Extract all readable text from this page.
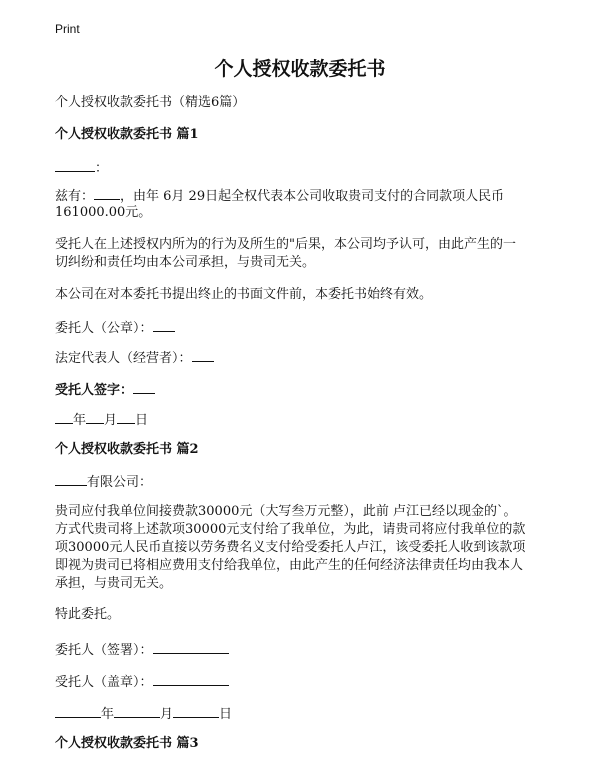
Print
个人授权收款委托书
个人授权收款委托书（精选6篇）
个人授权收款委托书 篇1
：
兹有： ，由年 6月 29日起全权代表本公司收取贵司支付的合同款项人民币
161000.00元。
受托人在上述授权内所为的行为及所生的"后果，本公司均予认可，由此产生的一
切纠纷和责任均由本公司承担，与贵司无关。
本公司在对本委托书提出终止的书面文件前，本委托书始终有效。
委托人（公章）：
法定代表人（经营者）：
受托人签字：
年 月 日
个人授权收款委托书 篇2
有限公司：
贵司应付我单位间接费款30000元（大写叁万元整），此前 卢江已经以现金的`。
方式代贵司将上述款项30000元支付给了我单位，为此，请贵司将应付我单位的款
项30000元人民币直接以劳务费名义支付给受委托人卢江，该受委托人收到该款项
即视为贵司已将相应费用支付给我单位，由此产生的任何经济法律责任均由我本人
承担，与贵司无关。
特此委托。
委托人（签署）：
受托人（盖章）：
年	月	日
个人授权收款委托书 篇3
